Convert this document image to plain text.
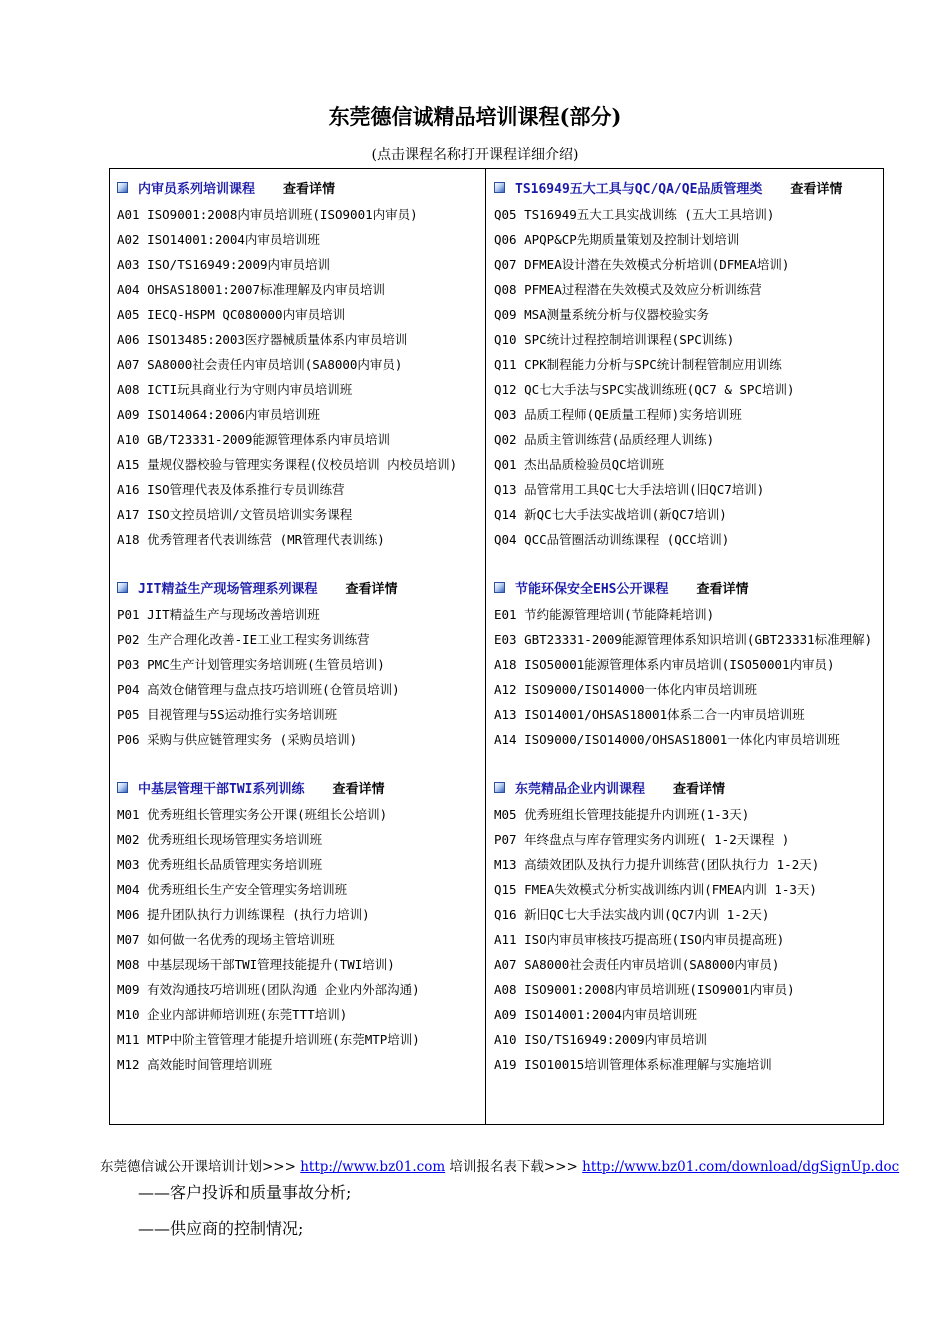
东莞德信诚精品培训课程(部分)
(点击课程名称打开课程详细介绍)
内审员系列培训课程 查看详情
A01 ISO9001:2008内审员培训班(ISO9001内审员)
A02 ISO14001:2004内审员培训班
A03 ISO/TS16949:2009内审员培训
A04 OHSAS18001:2007标准理解及内审员培训
A05 IECQ-HSPM QC080000内审员培训
A06 ISO13485:2003医疗器械质量体系内审员培训
A07 SA8000社会责任内审员培训(SA8000内审员)
A08 ICTI玩具商业行为守则内审员培训班
A09 ISO14064:2006内审员培训班
A10 GB/T23331-2009能源管理体系内审员培训
A15 量规仪器校验与管理实务课程(仪校员培训 内校员培训)
A16 ISO管理代表及体系推行专员训练营
A17 ISO文控员培训/文管员培训实务课程
A18 优秀管理者代表训练营 (MR管理代表训练)
JIT精益生产现场管理系列课程 查看详情
P01 JIT精益生产与现场改善培训班
P02 生产合理化改善-IE工业工程实务训练营
P03 PMC生产计划管理实务培训班(生管员培训)
P04 高效仓储管理与盘点技巧培训班(仓管员培训)
P05 目视管理与5S运动推行实务培训班
P06 采购与供应链管理实务 (采购员培训)
中基层管理干部TWI系列训练 查看详情
M01 优秀班组长管理实务公开课(班组长公培训)
M02 优秀班组长现场管理实务培训班
M03 优秀班组长品质管理实务培训班
M04 优秀班组长生产安全管理实务培训班
M06 提升团队执行力训练课程 (执行力培训)
M07 如何做一名优秀的现场主管培训班
M08 中基层现场干部TWI管理技能提升(TWI培训)
M09 有效沟通技巧培训班(团队沟通 企业内外部沟通)
M10 企业内部讲师培训班(东莞TTT培训)
M11 MTP中阶主管管理才能提升培训班(东莞MTP培训)
M12 高效能时间管理培训班
TS16949五大工具与QC/QA/QE品质管理类 查看详情
Q05 TS16949五大工具实战训练 (五大工具培训)
Q06 APQP&CP先期质量策划及控制计划培训
Q07 DFMEA设计潜在失效模式分析培训(DFMEA培训)
Q08 PFMEA过程潜在失效模式及效应分析训练营
Q09 MSA测量系统分析与仪器校验实务
Q10 SPC统计过程控制培训课程(SPC训练)
Q11 CPK制程能力分析与SPC统计制程管制应用训练
Q12 QC七大手法与SPC实战训练班(QC7 & SPC培训)
Q03 品质工程师(QE质量工程师)实务培训班
Q02 品质主管训练营(品质经理人训练)
Q01 杰出品质检验员QC培训班
Q13 品管常用工具QC七大手法培训(旧QC7培训)
Q14 新QC七大手法实战培训(新QC7培训)
Q04 QCC品管圈活动训练课程 (QCC培训)
节能环保安全EHS公开课程 查看详情
E01 节约能源管理培训(节能降耗培训)
E03 GBT23331-2009能源管理体系知识培训(GBT23331标准理解)
A18 ISO50001能源管理体系内审员培训(ISO50001内审员)
A12 ISO9000/ISO14000一体化内审员培训班
A13 ISO14001/OHSAS18001体系二合一内审员培训班
A14 ISO9000/ISO14000/OHSAS18001一体化内审员培训班
东莞精品企业内训课程 查看详情
M05 优秀班组长管理技能提升内训班(1-3天)
P07 年终盘点与库存管理实务内训班( 1-2天课程 )
M13 高绩效团队及执行力提升训练营(团队执行力 1-2天)
Q15 FMEA失效模式分析实战训练内训(FMEA内训 1-3天)
Q16 新旧QC七大手法实战内训(QC7内训 1-2天)
A11 ISO内审员审核技巧提高班(ISO内审员提高班)
A07 SA8000社会责任内审员培训(SA8000内审员)
A08 ISO9001:2008内审员培训班(ISO9001内审员)
A09 ISO14001:2004内审员培训班
A10 ISO/TS16949:2009内审员培训
A19 ISO10015培训管理体系标准理解与实施培训
东莞德信诚公开课培训计划>>> http://www.bz01.com 培训报名表下载>>> http://www.bz01.com/download/dgSignUp.doc
——客户投诉和质量事故分析;
——供应商的控制情况;
